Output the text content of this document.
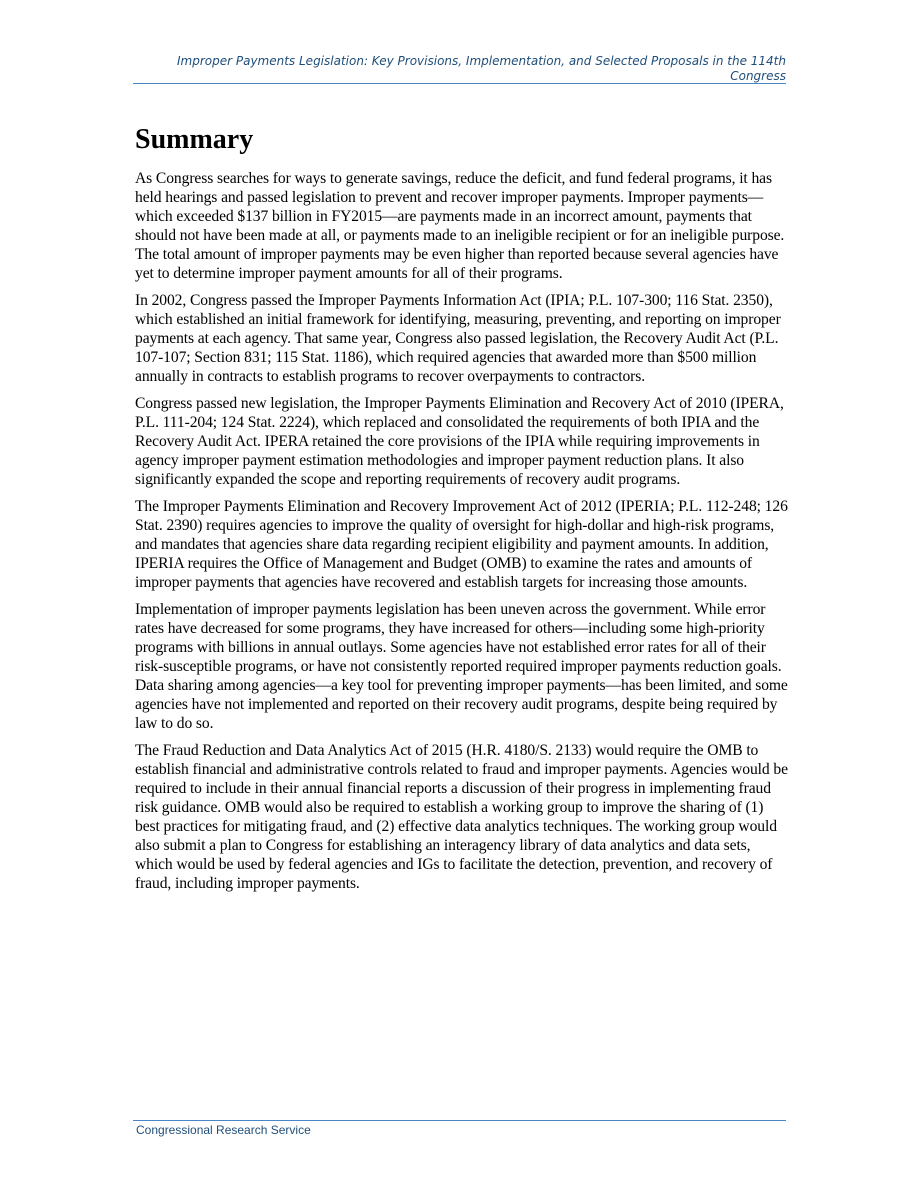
Improper Payments Legislation: Key Provisions, Implementation, and Selected Proposals in the 114th Congress
Summary

As Congress searches for ways to generate savings, reduce the deficit, and fund federal programs, it has held hearings and passed legislation to prevent and recover improper payments. Improper payments—which exceeded $137 billion in FY2015—are payments made in an incorrect amount, payments that should not have been made at all, or payments made to an ineligible recipient or for an ineligible purpose. The total amount of improper payments may be even higher than reported because several agencies have yet to determine improper payment amounts for all of their programs.

In 2002, Congress passed the Improper Payments Information Act (IPIA; P.L. 107-300; 116 Stat. 2350), which established an initial framework for identifying, measuring, preventing, and reporting on improper payments at each agency. That same year, Congress also passed legislation, the Recovery Audit Act (P.L. 107-107; Section 831; 115 Stat. 1186), which required agencies that awarded more than $500 million annually in contracts to establish programs to recover overpayments to contractors.

Congress passed new legislation, the Improper Payments Elimination and Recovery Act of 2010 (IPERA, P.L. 111-204; 124 Stat. 2224), which replaced and consolidated the requirements of both IPIA and the Recovery Audit Act. IPERA retained the core provisions of the IPIA while requiring improvements in agency improper payment estimation methodologies and improper payment reduction plans. It also significantly expanded the scope and reporting requirements of recovery audit programs.

The Improper Payments Elimination and Recovery Improvement Act of 2012 (IPERIA; P.L. 112-248; 126 Stat. 2390) requires agencies to improve the quality of oversight for high-dollar and high-risk programs, and mandates that agencies share data regarding recipient eligibility and payment amounts. In addition, IPERIA requires the Office of Management and Budget (OMB) to examine the rates and amounts of improper payments that agencies have recovered and establish targets for increasing those amounts.

Implementation of improper payments legislation has been uneven across the government. While error rates have decreased for some programs, they have increased for others—including some high-priority programs with billions in annual outlays. Some agencies have not established error rates for all of their risk-susceptible programs, or have not consistently reported required improper payments reduction goals. Data sharing among agencies—a key tool for preventing improper payments—has been limited, and some agencies have not implemented and reported on their recovery audit programs, despite being required by law to do so.

The Fraud Reduction and Data Analytics Act of 2015 (H.R. 4180/S. 2133) would require the OMB to establish financial and administrative controls related to fraud and improper payments. Agencies would be required to include in their annual financial reports a discussion of their progress in implementing fraud risk guidance. OMB would also be required to establish a working group to improve the sharing of (1) best practices for mitigating fraud, and (2) effective data analytics techniques. The working group would also submit a plan to Congress for establishing an interagency library of data analytics and data sets, which would be used by federal agencies and IGs to facilitate the detection, prevention, and recovery of fraud, including improper payments.

Congressional Research Service
